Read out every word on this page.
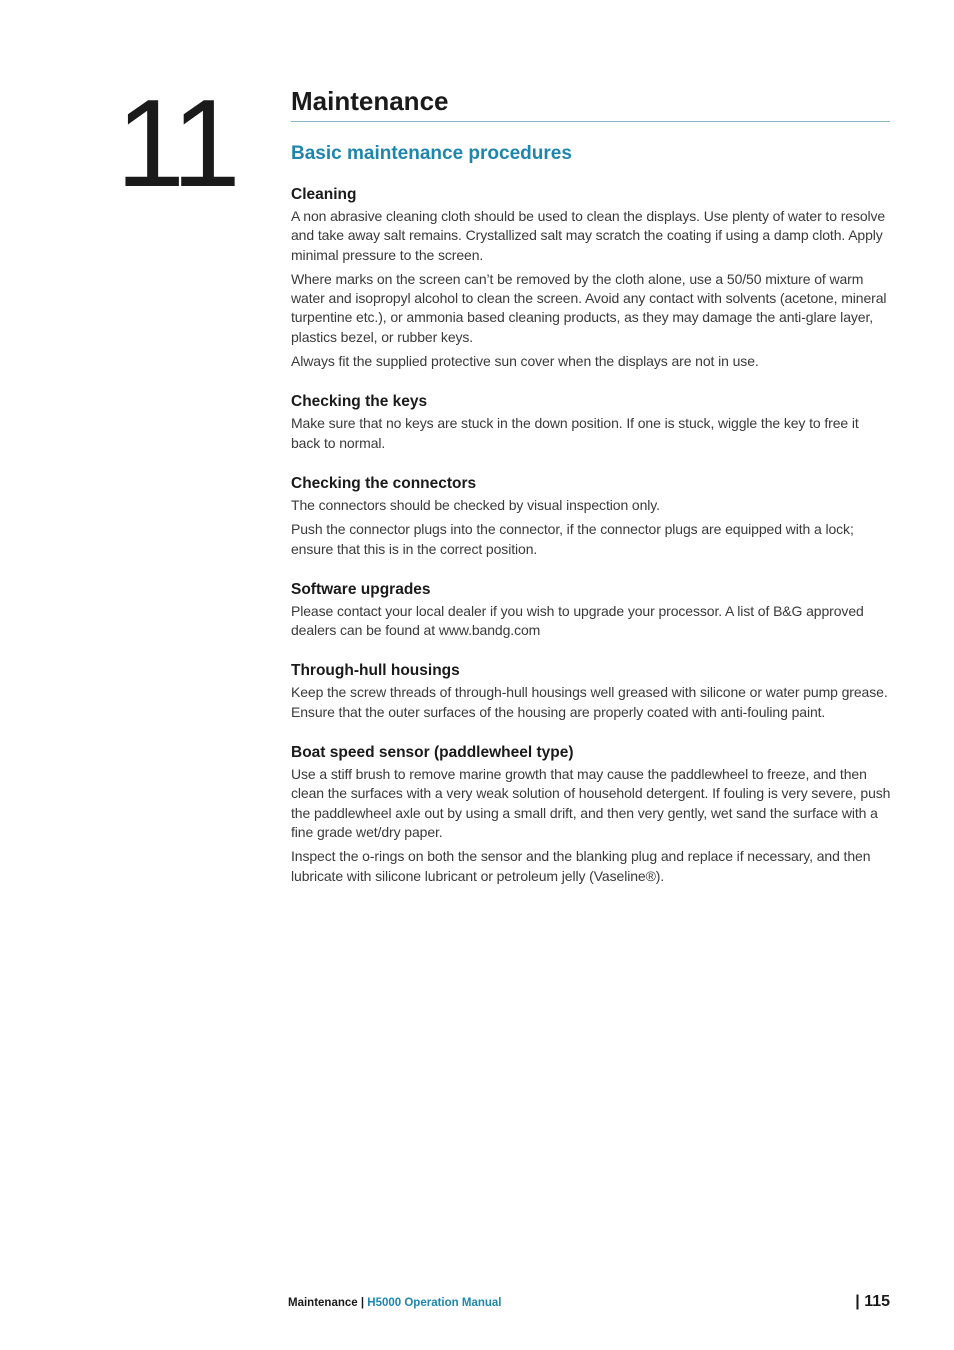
11 Maintenance
Basic maintenance procedures
Cleaning

A non abrasive cleaning cloth should be used to clean the displays. Use plenty of water to resolve and take away salt remains. Crystallized salt may scratch the coating if using a damp cloth. Apply minimal pressure to the screen.

Where marks on the screen can’t be removed by the cloth alone, use a 50/50 mixture of warm water and isopropyl alcohol to clean the screen. Avoid any contact with solvents (acetone, mineral turpentine etc.), or ammonia based cleaning products, as they may damage the anti-glare layer, plastics bezel, or rubber keys.

Always fit the supplied protective sun cover when the displays are not in use.

Checking the keys

Make sure that no keys are stuck in the down position. If one is stuck, wiggle the key to free it back to normal.

Checking the connectors

The connectors should be checked by visual inspection only.

Push the connector plugs into the connector, if the connector plugs are equipped with a lock; ensure that this is in the correct position.

Software upgrades

Please contact your local dealer if you wish to upgrade your processor. A list of B&G approved dealers can be found at www.bandg.com

Through-hull housings

Keep the screw threads of through-hull housings well greased with silicone or water pump grease. Ensure that the outer surfaces of the housing are properly coated with anti-fouling paint.

Boat speed sensor (paddlewheel type)

Use a stiff brush to remove marine growth that may cause the paddlewheel to freeze, and then clean the surfaces with a very weak solution of household detergent. If fouling is very severe, push the paddlewheel axle out by using a small drift, and then very gently, wet sand the surface with a fine grade wet/dry paper.

Inspect the o-rings on both the sensor and the blanking plug and replace if necessary, and then lubricate with silicone lubricant or petroleum jelly (Vaseline®).

Maintenance | H5000 Operation Manual	| 115
